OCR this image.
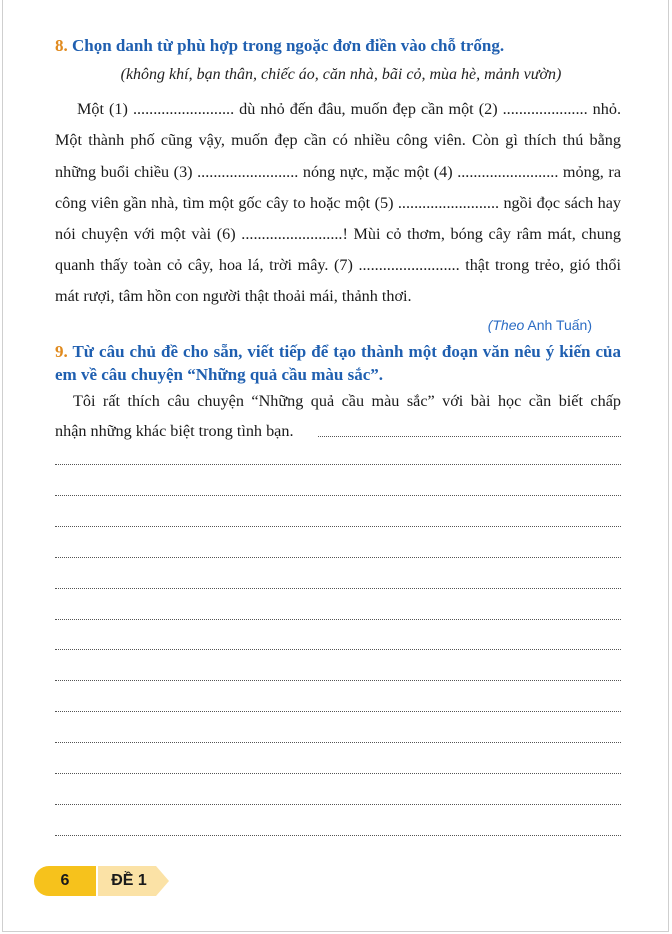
8. Chọn danh từ phù hợp trong ngoặc đơn điền vào chỗ trống.
(không khí, bạn thân, chiếc áo, căn nhà, bãi cỏ, mùa hè, mảnh vườn)
Một (1) ......................... dù nhỏ đến đâu, muốn đẹp cần một (2) ..................... nhỏ.
Một thành phố cũng vậy, muốn đẹp cần có nhiều công viên. Còn gì thích thú bằng
những buổi chiều (3) ......................... nóng nực, mặc một (4) ......................... mỏng, ra
công viên gần nhà, tìm một gốc cây to hoặc một (5) ......................... ngồi đọc sách hay
nói chuyện với một vài (6) .........................! Mùi cỏ thơm, bóng cây râm mát, chung
quanh thấy toàn cỏ cây, hoa lá, trời mây. (7) ......................... thật trong trẻo, gió thổi
mát rượi, tâm hồn con người thật thoải mái, thảnh thơi.
(Theo Anh Tuấn)
9. Từ câu chủ đề cho sẵn, viết tiếp để tạo thành một đoạn văn nêu ý kiến của
em về câu chuyện “Những quả cầu màu sắc”.
Tôi rất thích câu chuyện “Những quả cầu màu sắc” với bài học cần biết chấp
nhận những khác biệt trong tình bạn.
6	ĐỀ 1
